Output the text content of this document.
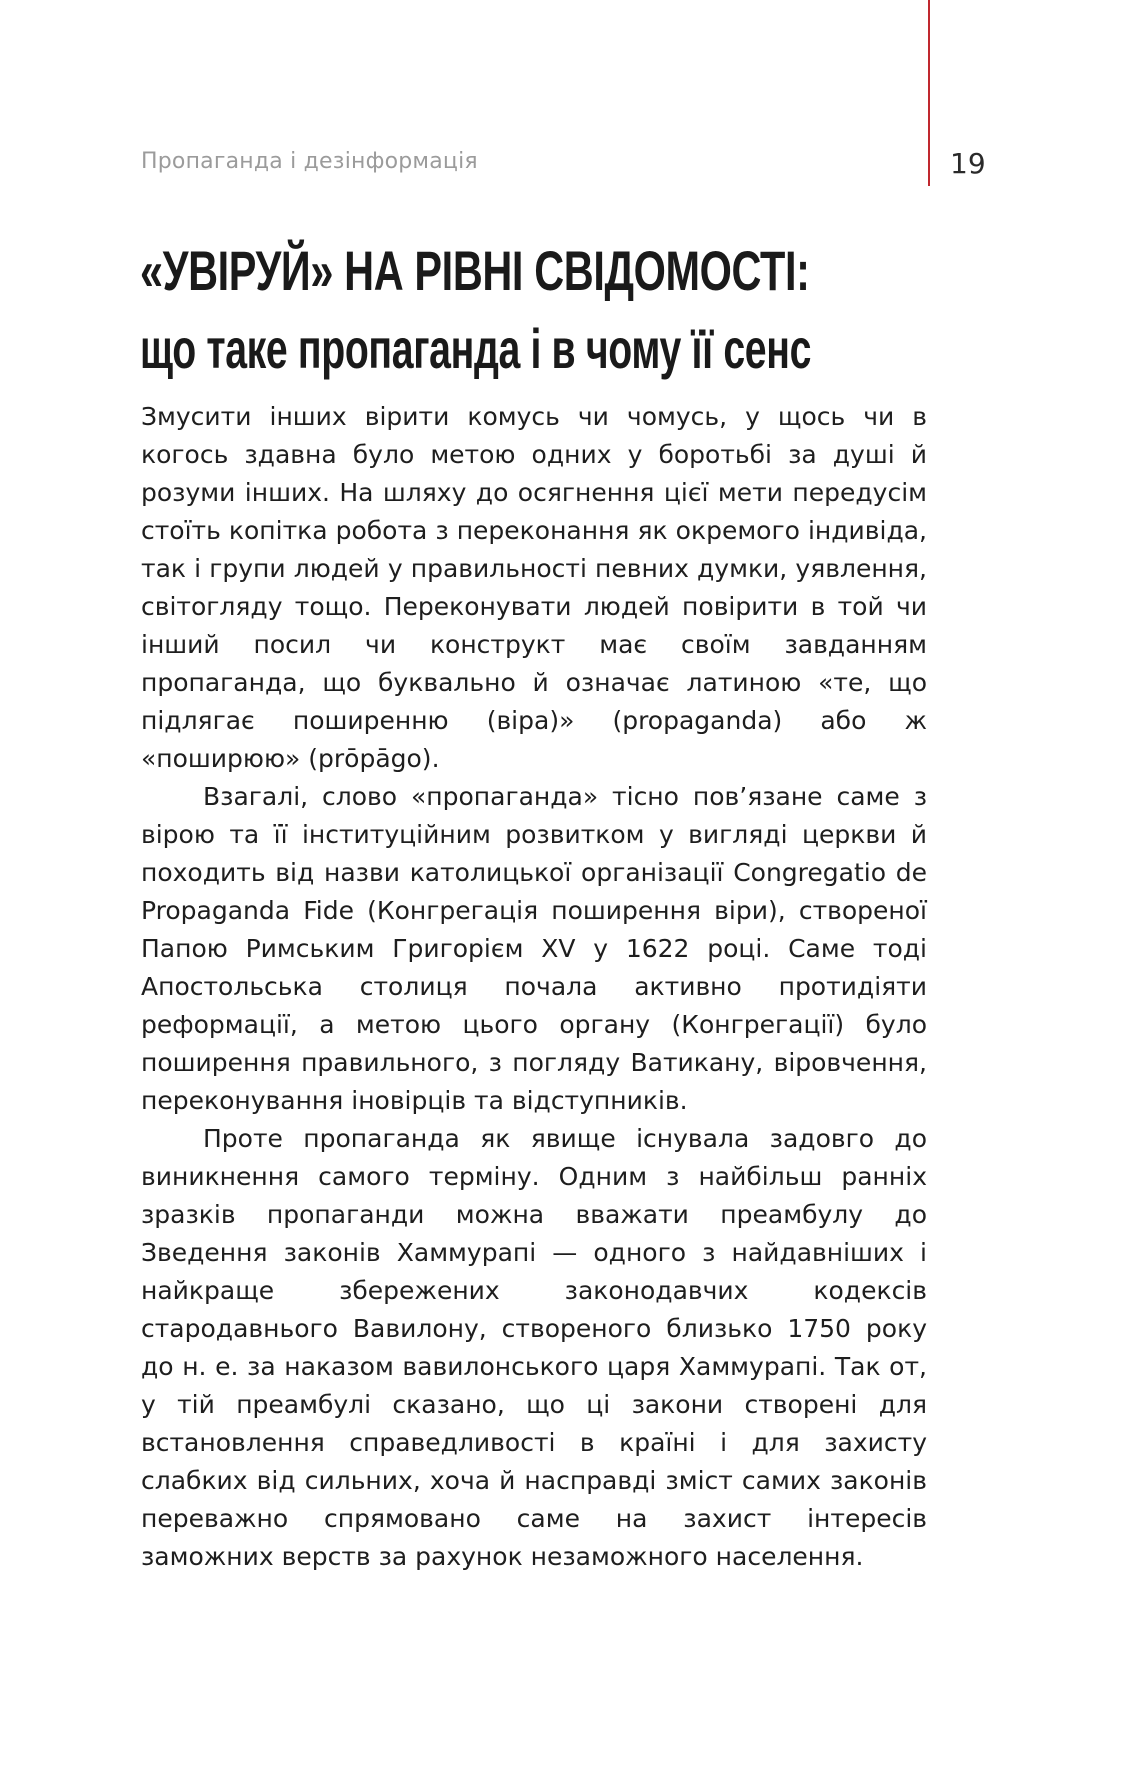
Пропаганда і дезінформація	19
«УВІРУЙ» НА РІВНІ СВІДОМОСТІ:
що таке пропаганда і в чому її сенс

Змусити інших вірити комусь чи чомусь, у щось чи в когось здавна було метою одних у боротьбі за душі й розуми інших. На шляху до осягнення цієї мети передусім стоїть копітка робота з переконання як окремого індивіда, так і групи людей у правильності певних думки, уявлення, світогляду тощо. Переконувати людей повірити в той чи інший посил чи конструкт має своїм завданням пропаганда, що буквально й означає латиною «те, що підлягає поширенню (віра)» (propaganda) або ж «поширюю» (prōpāgo).

Взагалі, слово «пропаганда» тісно пов’язане саме з вірою та її інституційним розвитком у вигляді церкви й походить від назви католицької організації Congregatio de Propaganda Fide (Конгрегація поширення віри), створеної Папою Римським Григорієм XV у 1622 році. Саме тоді Апостольська столиця почала активно протидіяти реформації, а метою цього органу (Конгрегації) було поширення правильного, з погляду Ватикану, віровчення, переконування іновірців та відступників.

Проте пропаганда як явище існувала задовго до виникнення самого терміну. Одним з найбільш ранніх зразків пропаганди можна вважати преамбулу до Зведення законів Хаммурапі — одного з найдавніших і найкраще збережених законодавчих кодексів стародавнього Вавилону, створеного близько 1750 року до н. е. за наказом вавилонського царя Хаммурапі. Так от, у тій преамбулі сказано, що ці закони створені для встановлення справедливості в країні і для захисту слабких від сильних, хоча й насправді зміст самих законів переважно спрямовано саме на захист інтересів заможних верств за рахунок незаможного населення.
